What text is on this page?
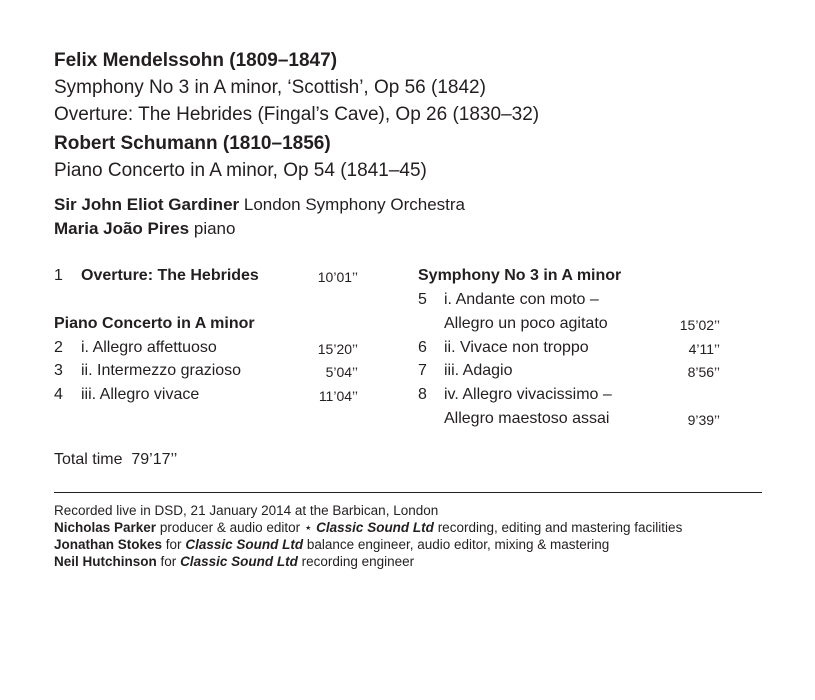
Felix Mendelssohn (1809–1847)
Symphony No 3 in A minor, ‘Scottish’, Op 56 (1842)
Overture: The Hebrides (Fingal’s Cave), Op 26 (1830–32)
Robert Schumann (1810–1856)
Piano Concerto in A minor, Op 54 (1841–45)
Sir John Eliot Gardiner London Symphony Orchestra
Maria João Pires piano
1 Overture: The Hebrides	10’01’’
Piano Concerto in A minor
2 i. Allegro affettuoso	15’20’’
3 ii. Intermezzo grazioso	5’04’’
4 iii. Allegro vivace	11’04’’
Symphony No 3 in A minor
5 i. Andante con moto –
Allegro un poco agitato	15’02’’
6 ii. Vivace non troppo	4’11’’
7 iii. Adagio	8’56’’
8 iv. Allegro vivacissimo –
Allegro maestoso assai	9’39’’
Total time 79’17’’
Recorded live in DSD, 21 January 2014 at the Barbican, London
Nicholas Parker producer & audio editor ⋆ Classic Sound Ltd recording, editing and mastering facilities
Jonathan Stokes for Classic Sound Ltd balance engineer, audio editor, mixing & mastering
Neil Hutchinson for Classic Sound Ltd recording engineer
